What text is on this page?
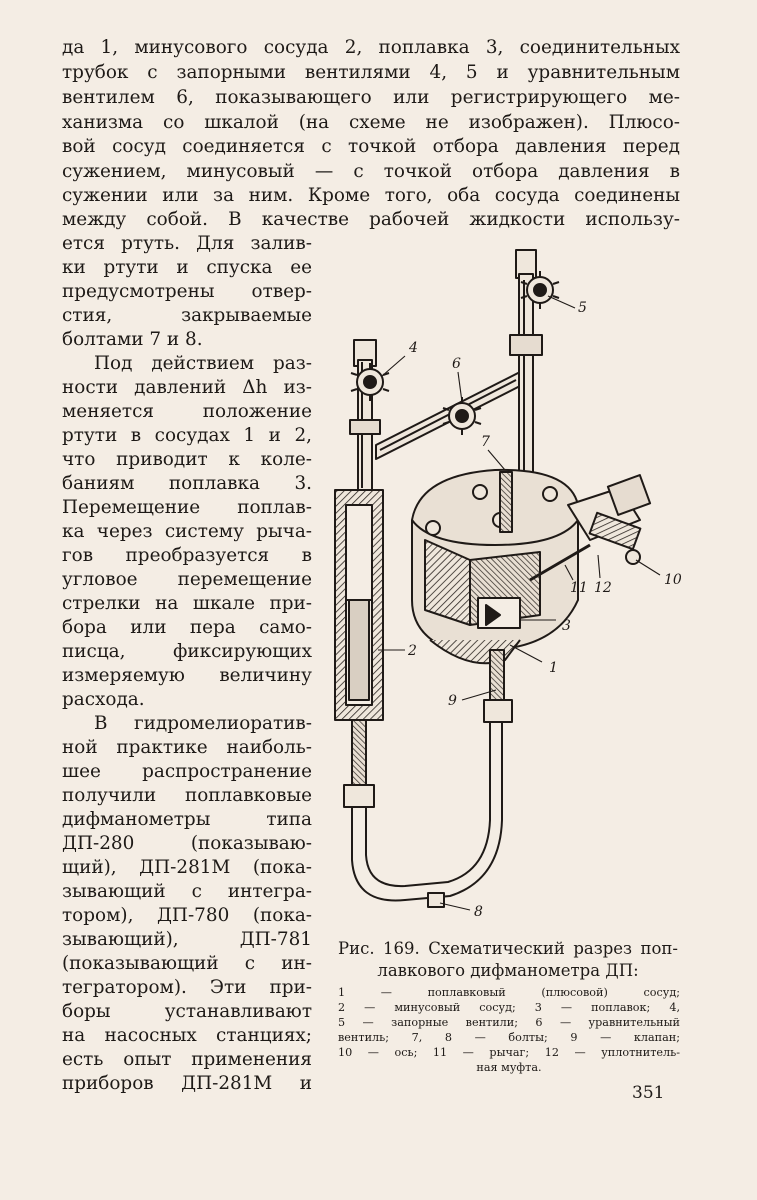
да 1, минусового сосуда 2, поплавка 3, соединительных
трубок с запорными вентилями 4, 5 и уравнительным
вентилем 6, показывающего или регистрирующего ме-
ханизма со шкалой (на схеме не изображен). Плюсо-
вой сосуд соединяется с точкой отбора давления перед
сужением, минусовый — с точкой отбора давления в
сужении или за ним. Кроме того, оба сосуда соединены
между собой. В качестве рабочей жидкости использу-
ется ртуть. Для залив-
ки ртути и спуска ее
предусмотрены отвер-
стия, закрываемые
болтами 7 и 8.
Под действием раз-
ности давлений Δh из-
меняется положение
ртути в сосудах 1 и 2,
что приводит к коле-
баниям поплавка 3.
Перемещение поплав-
ка через систему рыча-
гов преобразуется в
угловое перемещение
стрелки на шкале при-
бора или пера само-
писца, фиксирующих
измеряемую величину
расхода.
В гидромелиоратив-
ной практике наиболь-
шее распространение
получили поплавковые
дифманометры типа
ДП-280 (показываю-
щий), ДП-281М (пока-
зывающий с интегра-
тором), ДП-780 (пока-
зывающий), ДП-781
(показывающий с ин-
тегратором). Эти при-
боры устанавливают
на насосных станциях;
есть опыт применения
приборов ДП-281М и
1
2
3
4
5
6
7
8
9
10
11 12
Рис. 169. Схематический разрез поп-
лавкового дифманометра ДП:
1 — поплавковый (плюсовой) сосуд;
2 — минусовый сосуд; 3 — поплавок; 4,
5 — запорные вентили; 6 — уравнительный
вентиль; 7, 8 — болты; 9 — клапан;
10 — ось; 11 — рычаг; 12 — уплотнитель-
ная муфта.
351
